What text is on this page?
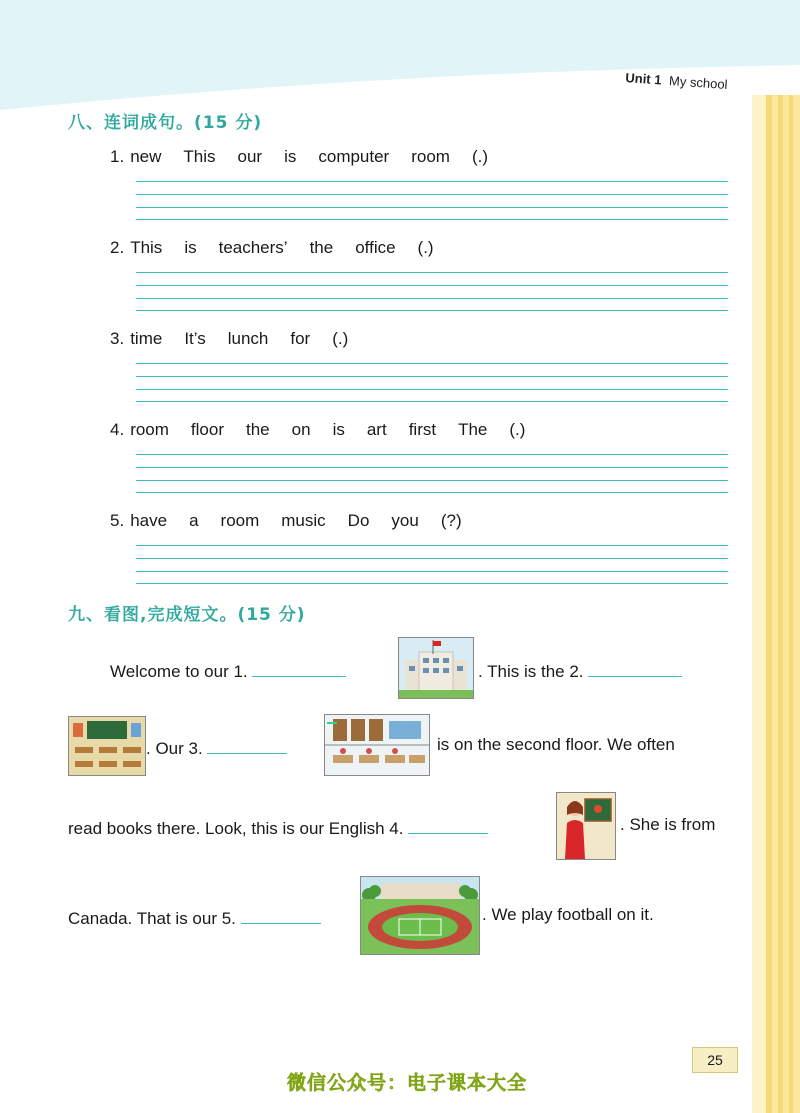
Unit 1 My school
八、连词成句。(15 分)
1. new This our is computer room (.)
2. This is teachers’ the office (.)
3. time It’s lunch for (.)
4. room floor the on is art first The (.)
5. have a room music Do you (?)
九、看图,完成短文。(15 分)
Welcome to our 1.	. This is the 2.
. Our 3.	is on the second floor. We often
read books there. Look, this is our English 4.	. She is from
Canada. That is our 5.	. We play football on it.
25
微信公众号：电子课本大全
